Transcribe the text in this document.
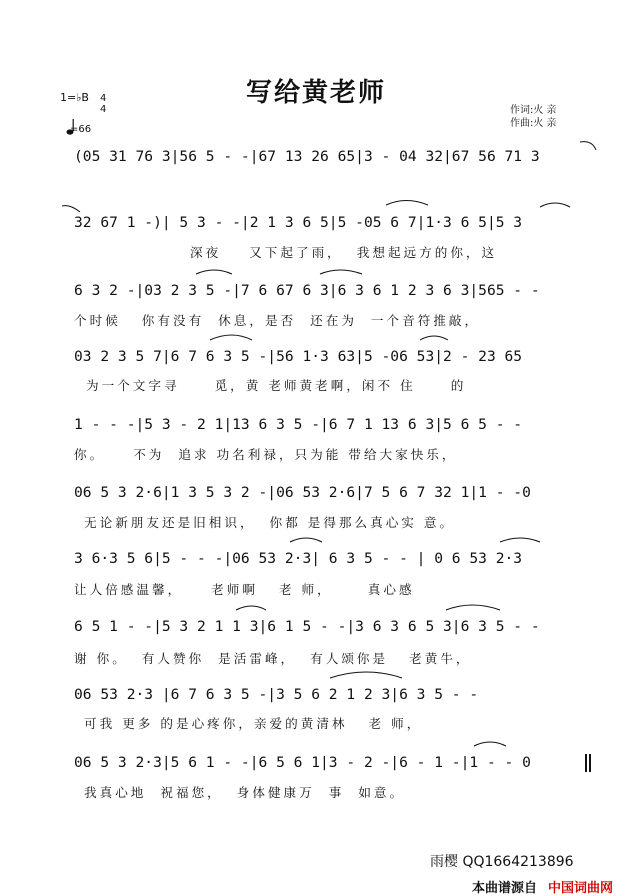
1=♭B 4
4
=66
写给黄老师
作词:火 亲
作曲:火 亲
(05 31 76 3|56 5 - -|67 13 26 65|3 - 04 32|67 56 71 3
32 67 1 -)| 5 3 - -|2 1 3 6 5|5 -05 6 7|1·3 6 5|5 3
深夜    又下起了雨，  我想起远方的你，这
6 3 2 -|03 2 3 5 -|7 6 67 6 3|6 3 6 1 2 3 6 3|565 - -
个时候   你有没有  休息，是否  还在为  一个音符推敲，
03 2 3 5 7|6 7 6 3 5 -|56 1·3 63|5 -06 53|2 - 23 65
为一个文字寻     觅，黄 老师黄老啊，闲不 住     的
1 - - -|5 3 - 2 1|13 6 3 5 -|6 7 1 13 6 3|5 6 5 - -
你。    不为  追求 功名利禄，只为能 带给大家快乐，
06 5 3 2·6|1 3 5 3 2 -|06 53 2·6|7 5 6 7 32 1|1 - -0
无论新朋友还是旧相识，  你都 是得那么真心实 意。
3 6·3 5 6|5 - - -|06 53 2·3| 6 3 5 - - | 0 6 53 2·3
让人倍感温馨，    老师啊   老 师，     真心感
6 5 1 - -|5 3 2 1 1 3|6 1 5 - -|3 6 3 6 5 3|6 3 5 - -
谢 你。  有人赞你  是活雷峰，  有人颂你是   老黄牛，
06 53 2·3 |6 7 6 3 5 -|3 5 6 2 1 2 3|6 3 5 - -
可我 更多 的是心疼你，亲爱的黄清林   老 师，
06 5 3 2·3|5 6 1 - -|6 5 6 1|3 - 2 -|6 - 1 -|1 - - 0
我真心地  祝福您，  身体健康万  事  如意。
雨樱 QQ1664213896
本曲谱源自 中国词曲网
